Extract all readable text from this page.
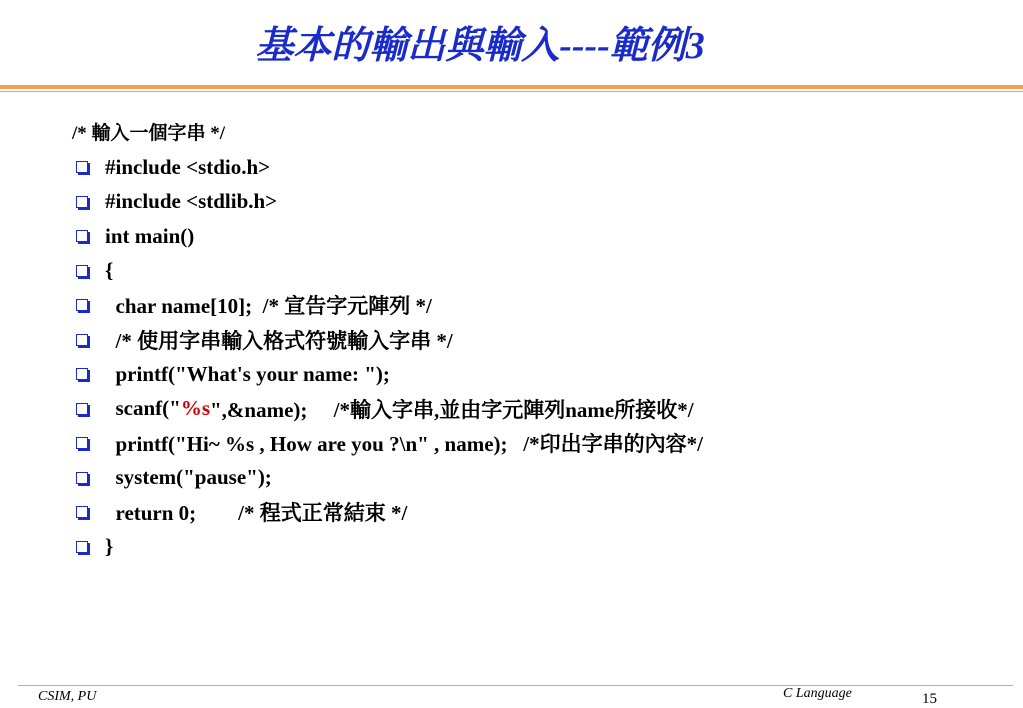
基本的輸出與輸入----範例3
/* 輸入一個字串 */
#include <stdio.h>
#include <stdlib.h>
int main()
{
char name[10];  /* 宣告字元陣列 */
/* 使用字串輸入格式符號輸入字串 */
printf("What's your name: ");
scanf(" %s ",&name);     /*輸入字串,並由字元陣列name所接收*/
printf("Hi~ %s , How are you ?\n" , name);   /*印出字串的內容*/
system("pause");
return 0;        /* 程式正常結束 */
}
CSIM, PU	C Language	15
